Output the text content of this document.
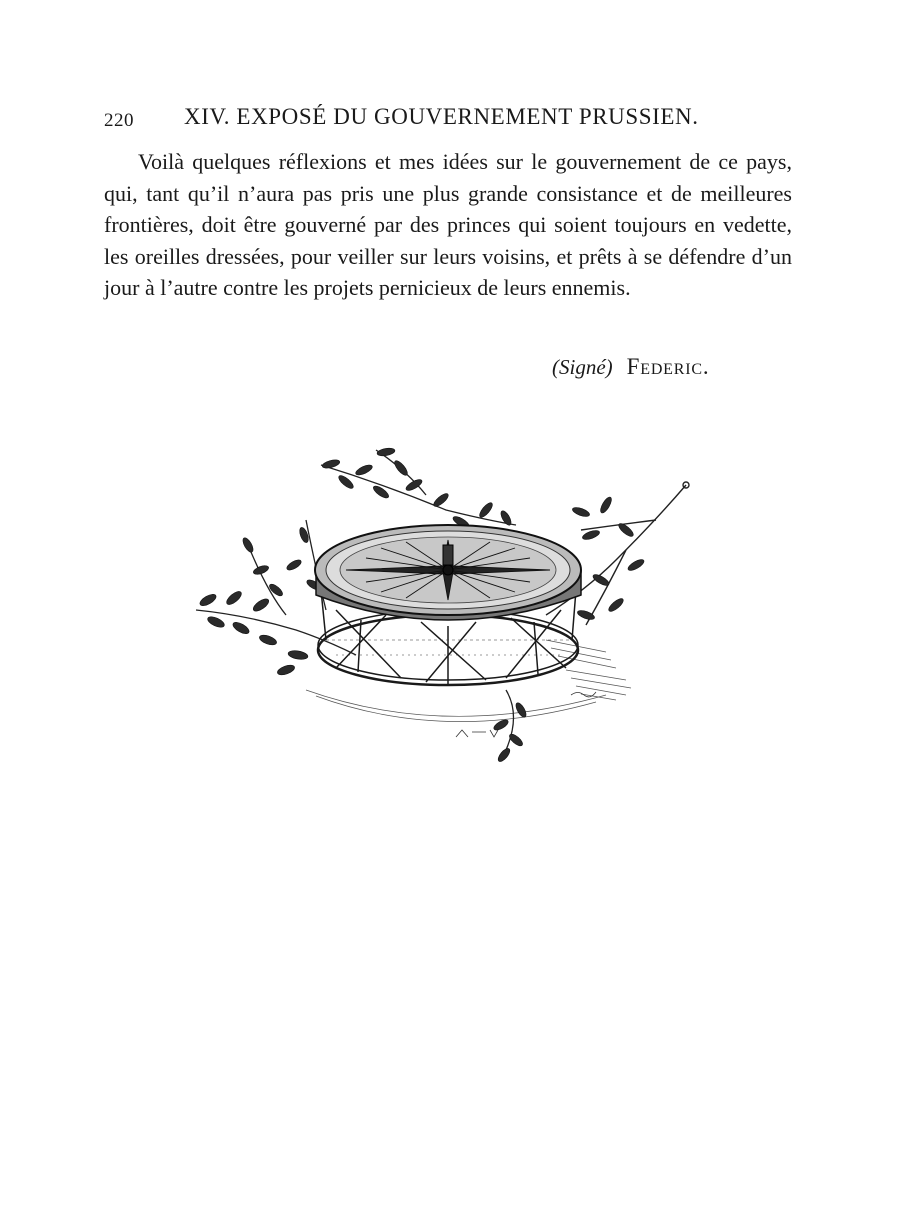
220 XIV. EXPOSÉ DU GOUVERNEMENT PRUSSIEN.

Voilà quelques réflexions et mes idées sur le gouvernement de ce pays, qui, tant qu’il n’aura pas pris une plus grande consistance et de meilleures frontières, doit être gouverné par des princes qui soient toujours en vedette, les oreilles dressées, pour veiller sur leurs voisins, et prêts à se défendre d’un jour à l’autre contre les projets pernicieux de leurs ennemis.

(Signé) Federic.
